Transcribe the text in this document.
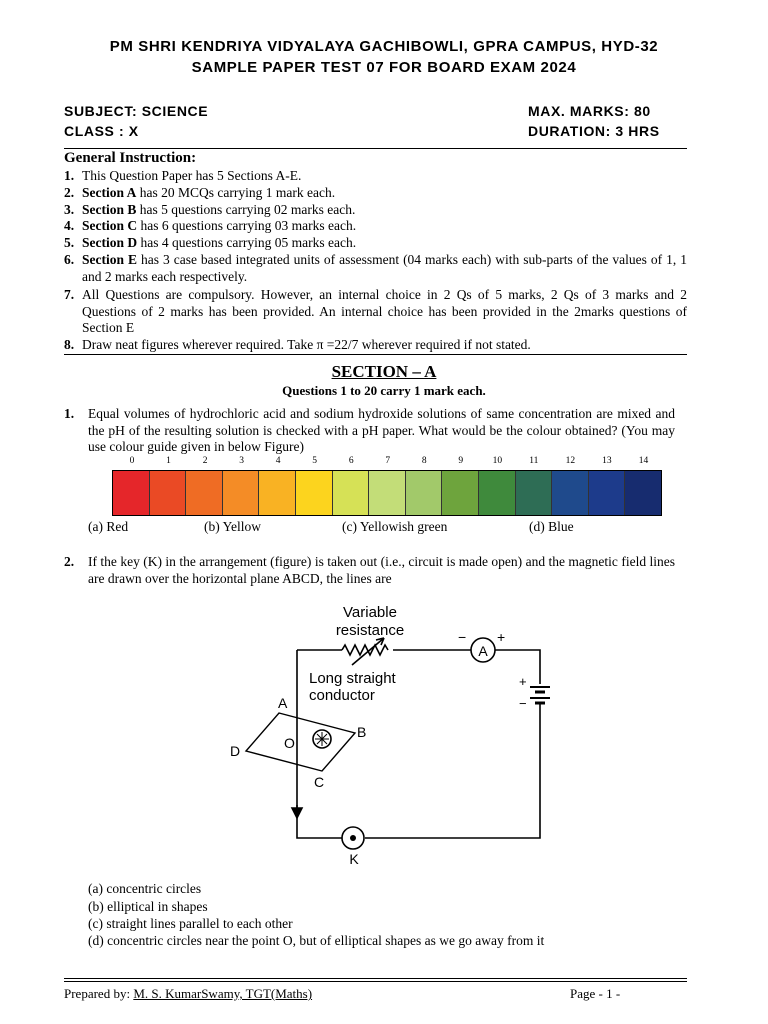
PM SHRI KENDRIYA VIDYALAYA GACHIBOWLI, GPRA CAMPUS, HYD-32
SAMPLE PAPER TEST 07 FOR BOARD EXAM 2024
SUBJECT: SCIENCE
CLASS : X
MAX. MARKS: 80
DURATION: 3 HRS
General Instruction:
1. This Question Paper has 5 Sections A-E.
2. Section A has 20 MCQs carrying 1 mark each.
3. Section B has 5 questions carrying 02 marks each.
4. Section C has 6 questions carrying 03 marks each.
5. Section D has 4 questions carrying 05 marks each.
6. Section E has 3 case based integrated units of assessment (04 marks each) with sub-parts of the values of 1, 1 and 2 marks each respectively.
7. All Questions are compulsory. However, an internal choice in 2 Qs of 5 marks, 2 Qs of 3 marks and 2 Questions of 2 marks has been provided. An internal choice has been provided in the 2marks questions of Section E
8. Draw neat figures wherever required. Take π =22/7 wherever required if not stated.
SECTION – A
Questions 1 to 20 carry 1 mark each.
1. Equal volumes of hydrochloric acid and sodium hydroxide solutions of same concentration are mixed and the pH of the resulting solution is checked with a pH paper. What would be the colour obtained? (You may use colour guide given in below Figure)
0	1	2	3	4	5	6	7	8	9	10	11	12	13	14
(a) Red	(b) Yellow	(c) Yellowish green	(d) Blue
2. If the key (K) in the arrangement (figure) is taken out (i.e., circuit is made open) and the magnetic field lines are drawn over the horizontal plane ABCD, the lines are
Variable
resistance
Long straight
conductor
A
B
C
D	O
A
K
− +
+
−
(a) concentric circles
(b) elliptical in shapes
(c) straight lines parallel to each other
(d) concentric circles near the point O, but of elliptical shapes as we go away from it
Prepared by: M. S. KumarSwamy, TGT(Maths)	Page - 1 -
